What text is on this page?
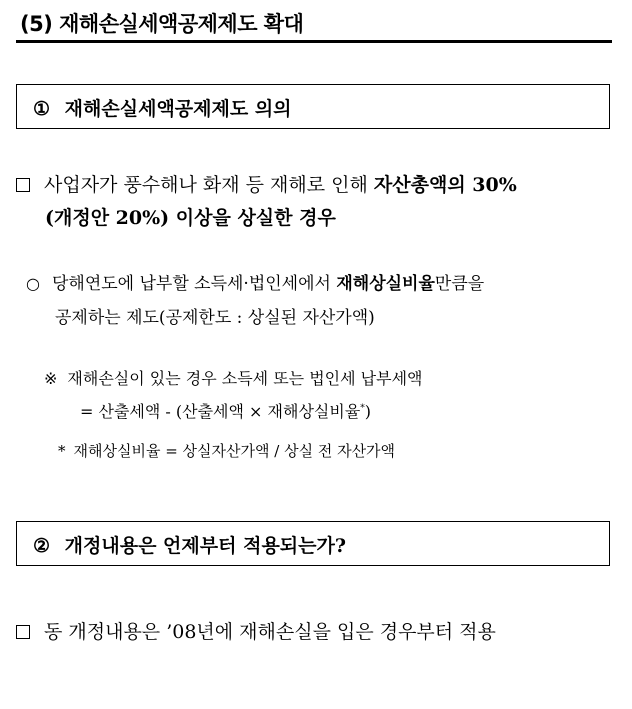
(5) 재해손실세액공제제도 확대
① 재해손실세액공제제도 의의
사업자가 풍수해나 화재 등 재해로 인해 자산총액의 30%
(개정안 20%) 이상을 상실한 경우
○ 당해연도에 납부할 소득세·법인세에서 재해상실비율만큼을
공제하는 제도(공제한도 : 상실된 자산가액)
※ 재해손실이 있는 경우 소득세 또는 법인세 납부세액
= 산출세액 - (산출세액 × 재해상실비율*)
* 재해상실비율 = 상실자산가액 / 상실 전 자산가액
② 개정내용은 언제부터 적용되는가?
동 개정내용은 ’08년에 재해손실을 입은 경우부터 적용
